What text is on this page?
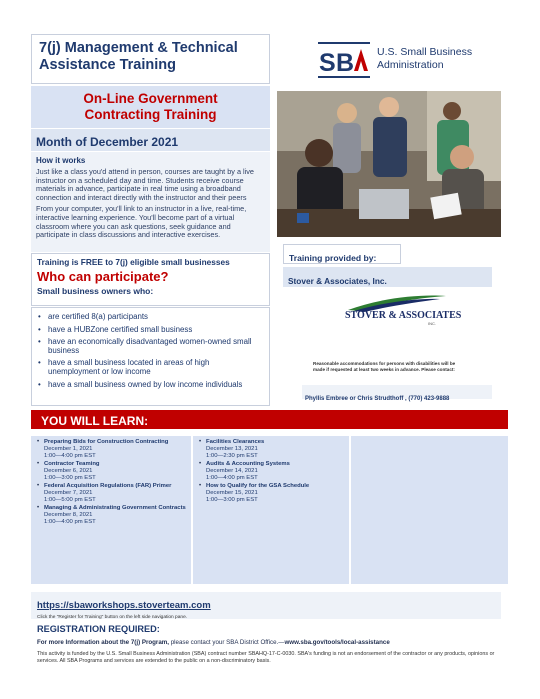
7(j) Management & Technical
Assistance Training	S B U.S. Small Business
Administration
On-Line Government
Contracting Training
Month of December 2021
How it works

Just like a class you'd attend in person, courses are taught by a live instructor on a scheduled day and time. Students receive course materials in advance, participate in real time using a broadband connection and interact directly with the instructor and their peers

From your computer, you'll link to an instructor in a live, real-time, interactive learning experience. You'll become part of a virtual classroom where you can ask questions, seek guidance and participate in class discussions and interactive exercises.

Training is FREE to 7(j) eligible small businesses
Who can participate?
Small business owners who:
• are certified 8(a) participants
• have a HUBZone certified small business
• have an economically disadvantaged women-owned small business
• have a small business located in areas of high unemployment or low income
• have a small business owned by low income individuals
Training provided by:
Stover & Associates, Inc.
STOVER & ASSOCIATES
INC.
Reasonable accommodations for persons with disabilities will be made if requested at least two weeks in advance. Please contact:
Phyllis Embree or Chris Strudthoff , (770) 423-9888
YOU WILL LEARN:
• Preparing Bids for Construction Contracting
December 1, 2021
1:00—4:00 pm EST
• Contractor Teaming
December 6, 2021
1:00—3:00 pm EST
• Federal Acquisition Regulations (FAR) Primer
December 7, 2021
1:00—5:00 pm EST
• Managing & Administrating Government Contracts
December 8, 2021
1:00—4:00 pm EST
• Facilities Clearances
December 13, 2021
1:00—2:30 pm EST
• Audits & Accounting Systems
December 14, 2021
1:00—4:00 pm EST
• How to Qualify for the GSA Schedule
December 15, 2021
1:00—3:00 pm EST
https://sbaworkshops.stoverteam.com
Click the "Register for Training" button on the left side navigation pane.
REGISTRATION REQUIRED:
For more Information about the 7(j) Program, please contact your SBA District Office.—www.sba.gov/tools/local-assistance
This activity is funded by the U.S. Small Business Administration (SBA) contract number SBAHQ-17-C-0030. SBA's funding is not an endorsement of the contractor or any products, opinions or services. All SBA Programs and services are extended to the public on a non-discriminatory basis.
